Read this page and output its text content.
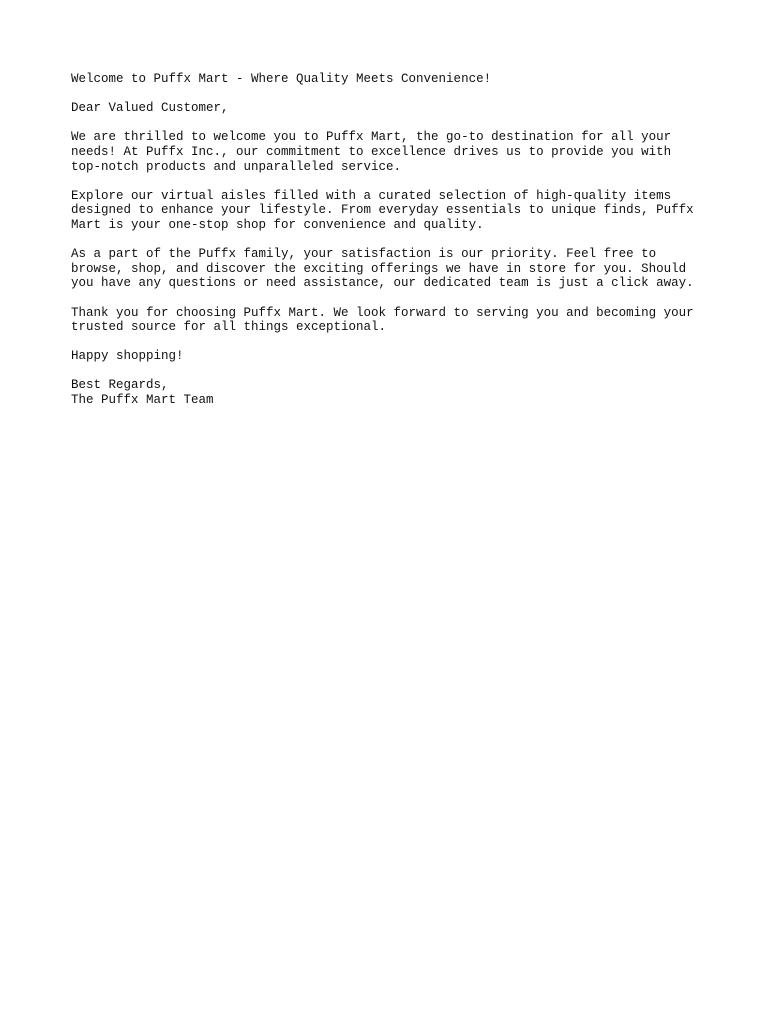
Welcome to Puffx Mart - Where Quality Meets Convenience!
Dear Valued Customer,
We are thrilled to welcome you to Puffx Mart, the go-to destination for all your
needs! At Puffx Inc., our commitment to excellence drives us to provide you with
top-notch products and unparalleled service.
Explore our virtual aisles filled with a curated selection of high-quality items
designed to enhance your lifestyle. From everyday essentials to unique finds, Puffx
Mart is your one-stop shop for convenience and quality.
As a part of the Puffx family, your satisfaction is our priority. Feel free to
browse, shop, and discover the exciting offerings we have in store for you. Should
you have any questions or need assistance, our dedicated team is just a click away.
Thank you for choosing Puffx Mart. We look forward to serving you and becoming your
trusted source for all things exceptional.
Happy shopping!
Best Regards,
The Puffx Mart Team
